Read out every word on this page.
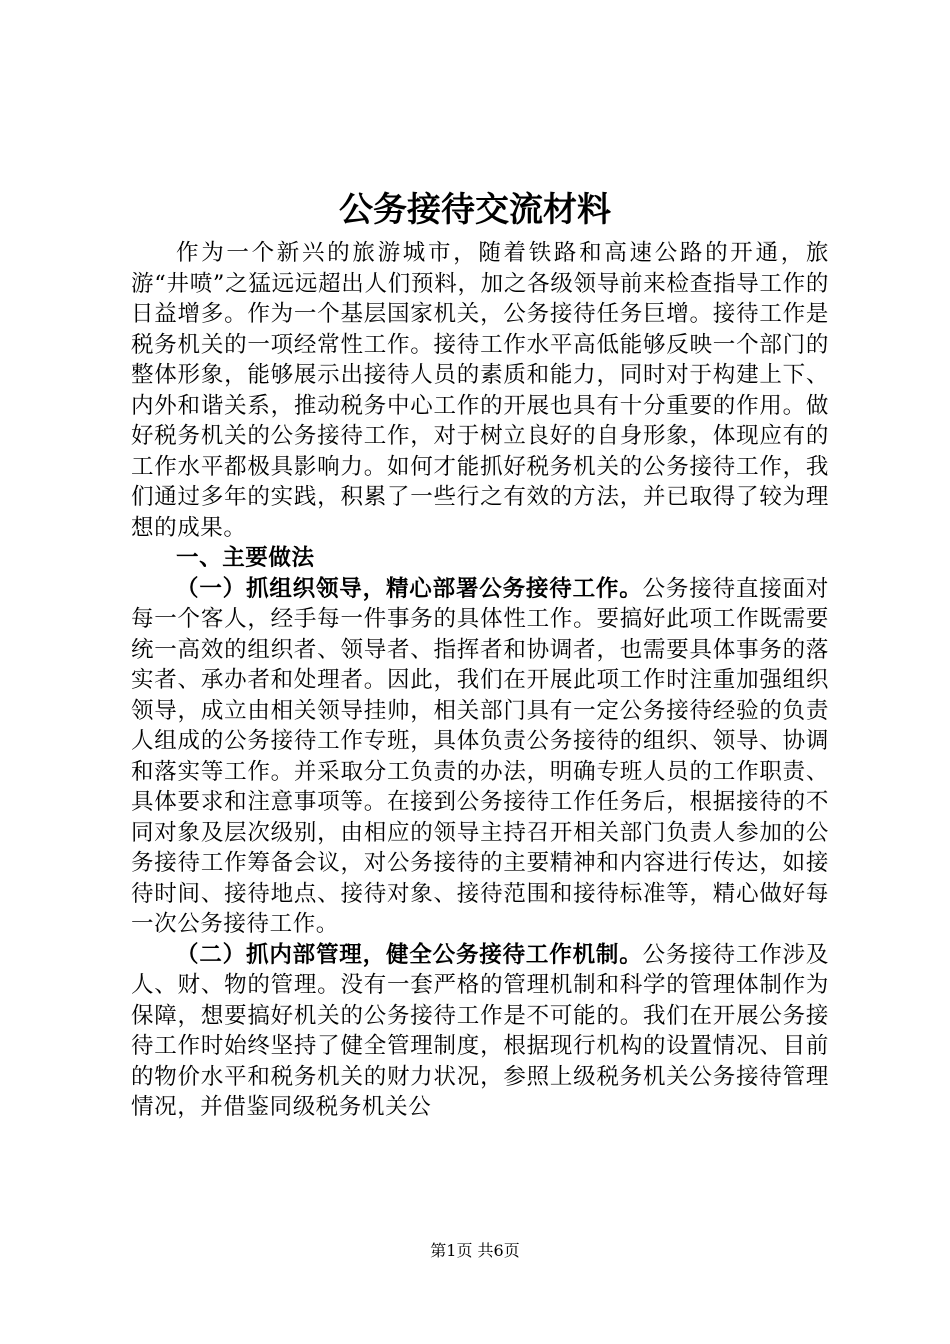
公务接待交流材料

作为一个新兴的旅游城市，随着铁路和高速公路的开通，旅游“井喷”之猛远远超出人们预料，加之各级领导前来检查指导工作的日益增多。作为一个基层国家机关，公务接待任务巨增。接待工作是税务机关的一项经常性工作。接待工作水平高低能够反映一个部门的整体形象，能够展示出接待人员的素质和能力，同时对于构建上下、内外和谐关系，推动税务中心工作的开展也具有十分重要的作用。做好税务机关的公务接待工作，对于树立良好的自身形象，体现应有的工作水平都极具影响力。如何才能抓好税务机关的公务接待工作，我们通过多年的实践，积累了一些行之有效的方法，并已取得了较为理想的成果。

一、主要做法

（一）抓组织领导，精心部署公务接待工作。公务接待直接面对每一个客人，经手每一件事务的具体性工作。要搞好此项工作既需要统一高效的组织者、领导者、指挥者和协调者，也需要具体事务的落实者、承办者和处理者。因此，我们在开展此项工作时注重加强组织领导，成立由相关领导挂帅，相关部门具有一定公务接待经验的负责人组成的公务接待工作专班，具体负责公务接待的组织、领导、协调和落实等工作。并采取分工负责的办法，明确专班人员的工作职责、具体要求和注意事项等。在接到公务接待工作任务后，根据接待的不同对象及层次级别，由相应的领导主持召开相关部门负责人参加的公务接待工作筹备会议，对公务接待的主要精神和内容进行传达，如接待时间、接待地点、接待对象、接待范围和接待标准等，精心做好每一次公务接待工作。

（二）抓内部管理，健全公务接待工作机制。公务接待工作涉及人、财、物的管理。没有一套严格的管理机制和科学的管理体制作为保障，想要搞好机关的公务接待工作是不可能的。我们在开展公务接待工作时始终坚持了健全管理制度，根据现行机构的设置情况、目前的物价水平和税务机关的财力状况，参照上级税务机关公务接待管理情况，并借鉴同级税务机关公

第1页 共6页
